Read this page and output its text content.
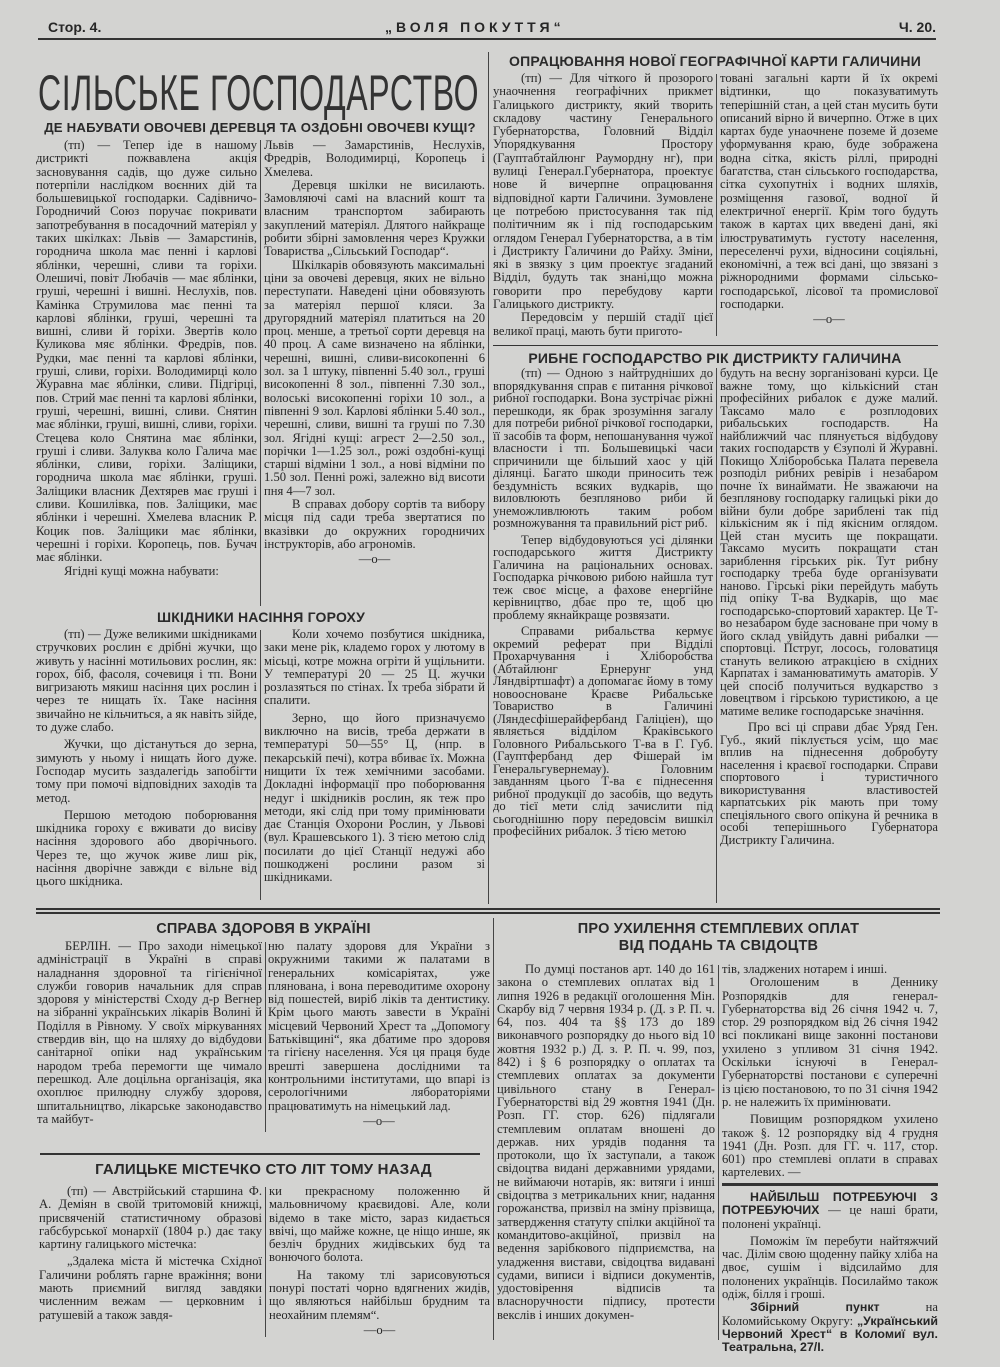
Стор. 4.	„ВОЛЯ ПОКУТТЯ“	Ч. 20.
СІЛЬСЬКЕ ГОСПОДАРСТВО
ДЕ НАБУВАТИ ОВОЧЕВІ ДЕРЕВЦЯ ТА ОЗДОБНІ ОВОЧЕВІ КУЩІ?

(тп) — Тепер іде в нашому дистрикті пожвавлена акція засновування садів, що дуже сильно потерпіли наслідком воєнних дій та большевицької господарки. Садівничо-Городничий Союз поручає покривати запотребування в посадочний матеріял у таких шкілках: Львів — Замарстинів, городнича школа має пенні і карлові яблінки, черешні, сливи та горіхи. Олешичі, повіт Любачів — має яблінки, груші, черешні і вишні. Неслухів, пов. Камінка Струмилова має пенні та карлові яблінки, груші, черешні та вишні, сливи й горіхи. Звертів коло Куликова мяє яблінки. Фредрів, пов. Рудки, має пенні та карлові яблінки, груші, сливи, горіхи. Володимирці коло Журавна має яблінки, сливи. Підгірці, пов. Стрий має пенні та карлові яблінки, груші, черешні, вишні, сливи. Снятин має яблінки, груші, вишні, сливи, горіхи. Стецева коло Снятина має яблінки, груші і сливи. Залуква коло Галича має яблінки, сливи, горіхи. Заліщики, городнича школа має яблінки, груші. Заліщики власник Дехтярев має груші і сливи. Кошилівка, пов. Заліщики, має яблінки і черешні. Хмелева власник Р. Коцик пов. Заліщики має яблінки, черешні і горіхи. Коропець, пов. Бучач має яблінки.

Ягідні кущі можна набувати:

Львів — Замарстинів, Неслухів, Фредрів, Володимирці, Коропець і Хмелева.

Деревця шкілки не висилають. Замовляючі самі на власний кошт та власним транспортом забирають закуплений матеріял. Длятого найкраще робити збірні замовлення через Кружки Товариства „Сільський Господар“.

Шкілкарів обовязують максимальні ціни за овочеві деревця, яких не вільно переступати. Наведені ціни обовязують за матеріял першої кляси. За другорядний матеріял платиться на 20 проц. менше, а третьої сорти деревця на 40 проц. А саме визначено на яблінки, черешні, вишні, сливи-високопенні 6 зол. за 1 штуку, півпенні 5.40 зол., груші високопенні 8 зол., півпенні 7.30 зол., волоські високопенні горіхи 10 зол., а півпенні 9 зол. Карлові яблінки 5.40 зол., черешні, сливи, вишні та груші по 7.30 зол. Ягідні кущі: агрест 2—2.50 зол., порічки 1—1.25 зол., рожі оздобні-кущі старші відміни 1 зол., а нові відміни по 1.50 зол. Пенні рожі, залежно від висоти пня 4—7 зол.

В справах добору сортів та вибору місця під сади треба звертатися по вказівки до окружних городничих інструкторів, або агрономів.

—o—

ШКІДНИКИ НАСІННЯ ГОРОХУ

(тп) — Дуже великими шкідниками стручкових рослин є дрібні жучки, що живуть у насінні мотильових рослин, як: горох, біб, фасоля, сочевиця і тп. Вони вигризають мякиш насіння цих рослин і через те нищать їх. Таке насіння звичайно не кільчиться, а як навіть зійде, то дуже слабо.

Жучки, що дістануться до зерна, зимують у ньому і нищать його дуже. Господар мусить заздалегідь запобігти тому при помочі відповідних заходів та метод.

Першою методою поборювання шкідника гороху є вживати до висіву насіння здорового або дворічнього. Через те, що жучок живе лиш рік, насіння дворічне завжди є вільне від цього шкідника.

Коли хочемо позбутися шкідника, заки мене рік, кладемо горох у лютому в місьці, котре можна огріти й ущільнити. У температурі 20 — 25 Ц. жучки розлазяться по стінах. Їх треба зібрати й спалити.

Зерно, що його призначуємо виключно на висів, треба держати в температурі 50—55° Ц, (нпр. в пекарській печі), котра вбиває їх. Можна нищити їх теж хемічними засобами. Докладні інформації про поборювання недуг і шкідників рослин, як теж про методи, які слід при тому примінювати дає Станція Охорони Рослин, у Львові (вул. Крашевського 1). З тією метою слід посилати до цієї Станції недужі або пошкоджені рослини разом зі шкідниками.

ОПРАЦЮВАННЯ НОВОЇ ГЕОГРАФІЧНОЇ КАРТИ ГАЛИЧИНИ

(тп) — Для чіткого й прозорого унаочнення географічних прикмет Галицького дистрикту, який творить складову частину Генерального Губернаторства, Головний Відділ Упорядкування Простору (Гауптабтайлюнг Раумордну нг), при вулиці Генерал.Губернатора, проектує нове й вичерпне опрацювання відповідної карти Галичини. Зумовлене це потребою пристосування так під політичним як і під господарським оглядом Генерал Губернаторства, а в тім і Дистрикту Галичини до Райху. Зміни, які в звязку з цим проектує згаданий Відділ, будуть так знані,що можна говорити про перебудову карти Галицького дистрикту.

Передовсім у першій стадії цієї великої праці, мають бути пригото-

товані загальні карти й їх окремі відтинки, що показуватимуть теперішній стан, а цей стан мусить бути описаний вірно й вичерпно. Отже в цих картах буде унаочнене поземе й доземе уформування краю, буде зображена водна сітка, якість ріллі, природні багатства, стан сільського господарства, сітка сухопутніх і водних шляхів, розміщення газової, водної й електричної енергії. Крім того будуть також в картах цих введені дані, які ілюструватимуть густоту населення, переселенчі рухи, відносини соціяльні, економічні, а теж всі дані, що звязані з ріжнородними формами сільсько-господарської, лісової та промислової господарки.

—o—

РИБНЕ ГОСПОДАРСТВО РІК ДИСТРИКТУ ГАЛИЧИНА

(тп) — Одною з найтрудніших до впорядкування справ є питання річкової рибної господарки. Вона зустрічає ріжні перешкоди, як брак зрозуміння загалу для потреби рибної річкової господарки, її засобів та форм, непошанування чужої власности і тп. Большевицькі часи спричинили ще більший хаос у цій ділянці. Багато шкоди приносить теж бездумність всяких вудкарів, що виловлюють безпляново риби й унеможливлюють таким робом розмножування та правильний ріст риб.

Тепер відбудовуються усі ділянки господарського життя Дистрикту Галичина на раціональних основах. Господарка річковою рибою найшла тут теж своє місце, а фахове енергійне керівництво, дбає про те, щоб цю проблему якнайкраще розвязати.

Справами рибальства кермує окремий реферат при Відділі Прохарчування і Хліборобства (Абтайлюнг Ернерунг унд Ляндвіртшафт) а допомагає йому в тому новоосноване Краєве Рибальське Товариство в Галичині (Ляндесфішерайфербанд Галіціен), що являється відділом Краківського Головного Рибальського Т-ва в Г. Губ. (Гауптфербанд дер Фішерай ім Генеральгувернемау). Головним завданням цього Т-ва є піднесення рибної продукції до засобів, що ведуть до тієї мети слід зачислити під сьогоднішню пору передовсім вишкіл професійних рибалок. З тією метою

будуть на весну зорганізовані курси. Це важне тому, що кількісний стан професійних рибалок є дуже малий. Таксамо мало є розплодових рибальських господарств. На найближчий час плянується відбудову таких господарств у Єзуполі й Журавні. Покищо Хліборобська Палата перевела розподіл рибних ревірів і незабаром почне їх винаймати. Не зважаючи на безплянову господарку галицькі ріки до війни були добре зариблені так під кількісним як і під якісним оглядом. Цей стан мусить ще покращати. Таксамо мусить покращати стан зариблення гірських рік. Тут рибну господарку треба буде організувати наново. Гірські ріки перейдуть мабуть під опіку Т-ва Вудкарів, що має господарсько-спортовий характер. Це Т-во незабаром буде засноване при чому в його склад увійдуть давні рибалки — спортовці. Пструг, лосось, головатиця стануть великою атракцією в східних Карпатах і заманюватимуть аматорів. У цей спосіб получиться вудкарство з ловецтвом і гірською туристикою, а це матиме велике господарське значіння.

Про всі ці справи дбає Уряд Ген. Губ., який піклується усім, що має вплив на піднесення добробуту населення і краєвої господарки. Справи спортового і туристичного використування властивостей карпатських рік мають при тому спеціяльного свого опікуна й речника в особі теперішнього Губернатора Дистрикту Галичина.

СПРАВА ЗДОРОВЯ В УКРАЇНІ

БЕРЛІН. — Про заходи німецької адміністрації в Україні в справі наладнання здоровної та гігієнічної служби говорив начальник для справ здоровя у міністерстві Сходу д-р Вегнер на зібранні українських лікарів Волині й Поділля в Рівному. У своїх міркуваннях ствердив він, що на шляху до відбудови санітарної опіки над українським народом треба перемогти ще чимало перешкод. Але доцільна організація, яка охоплює прилюдну службу здоровя, шпитальництво, лікарське законодавство та майбут-

ню палату здоровя для України з окружними такими ж палатами в генеральних комісаріятах, уже плянована, і вона переводитиме охорону від пошестей, виріб ліків та дентистику. Крім цього мають завести в Україні місцевий Червоний Хрест та „Допомогу Батьківщині“, яка дбатиме про здоровя та гігієну населення. Уся ця праця буде врешті завершена дослідними та контрольними інститутами, що впарі із серологічними ляборaторіями працюватимуть на німецький лад.

—o—

ГАЛИЦЬКЕ МІСТЕЧКО СТО ЛІТ ТОМУ НАЗАД

(тп) — Австрійський старшина Ф. А. Деміян в своїй тритомовій книжці, присвяченій статистичному образові габсбурської монархії (1804 р.) дає таку картину галицького містечка:

„Здалека міста й містечка Східної Галичини роблять гарне вражіння; вони мають приємний вигляд завдяки численним вежам — церковним і ратушевій а також завдя-

ки прекрасному положенню й мальовничому краєвидові. Але, коли відемо в таке місто, зараз кидається ввічі, що майже кожне, це ніщо инше, як безліч брудних жидівських буд та вонючого болота.

На такому тлі зарисовуються понурі постаті чорно вдягнених жидів, що являються найбільш брудним та неохайним племям“.

—o—

ПРО УХИЛЕННЯ СТЕМПЛЕВИХ ОПЛАТ
ВІД ПОДАНЬ ТА СВІДОЦТВ

По думці постанов арт. 140 до 161 закона о стемплевих оплатах від 1 липня 1926 в редакції оголошення Мін. Скарбу від 7 червня 1934 р. (Д. з Р. П. ч. 64, поз. 404 та §§ 173 до 189 виконавчого розпорядку до нього від 10 жовтня 1932 р.) Д. з. Р. П. ч. 99, поз, 842) і § 6 розпорядку о оплатах та стемплевих оплатах за документи цивільного стану в Генерал-Губернаторстві від 29 жовтня 1941 (Дн. Розп. ГГ. стор. 626) підлягали стемплевим оплатам вношені до держав. них урядів подання та протоколи, що їх заступали, а також свідоцтва видані державними урядами, не виймаючи нотарів, як: витяги і инші свідоцтва з метрикальних книг, надання горожанства, призвіл на зміну прізвища, затвердження статуту спілки акційної та командитово-акційної, призвіл на ведення зарібкового підприємства, на уладження вистави, свідоцтва видавані судами, виписи і відписи документів, удостовірення відписів та власноручности підпису, протести векслів і инших докумен-

тів, зладжених нотарем і инші.

Оголошеним в Деннику Розпорядків для генерал-Губернаторства від 26 січня 1942 ч. 7, стор. 29 розпорядком від 26 січня 1942 всі покликані вище законні постанови ухилено з упливом 31 січня 1942. Оскільки існуючі в Генерал-Губернаторстві постанови є суперечні із цією постановою, то по 31 січня 1942 р. не належить їх примінювати.

Повищим розпорядком ухилено також §. 12 розпорядку від 4 грудня 1941 (Дн. Розп. для ГГ. ч. 117, стор. 601) про стемплеві оплати в справах картелевих. —

НАЙБІЛЬШ ПОТРЕБУЮЧІ З ПОТРЕБУЮЧИХ — це наші брати, полонені українці.

Поможім їм перебути найтяжчий час. Ділім свою щоденну пайку хліба на двоє, сушім і відсилаймо для полонених українців. Посилаймо також одіж, білля і гроші.

Збірний пункт на Коломийському Округу: „Український Червоний Хрест“ в Коломиї вул. Театральна, 27/I.
